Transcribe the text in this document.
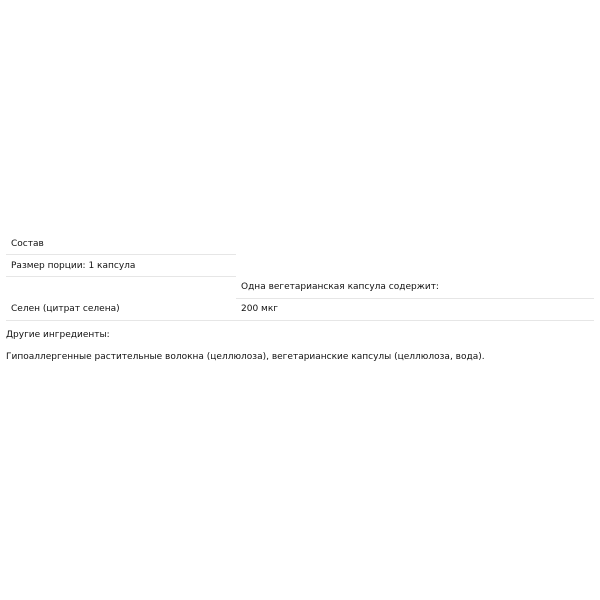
Состав	
Размер порции: 1 капсула	
	Одна вегетарианская капсула содержит:
Селен (цитрат селена)	200 мкг

Другие ингредиенты:

Гипоаллергенные растительные волокна (целлюлоза), вегетарианские капсулы (целлюлоза, вода).
